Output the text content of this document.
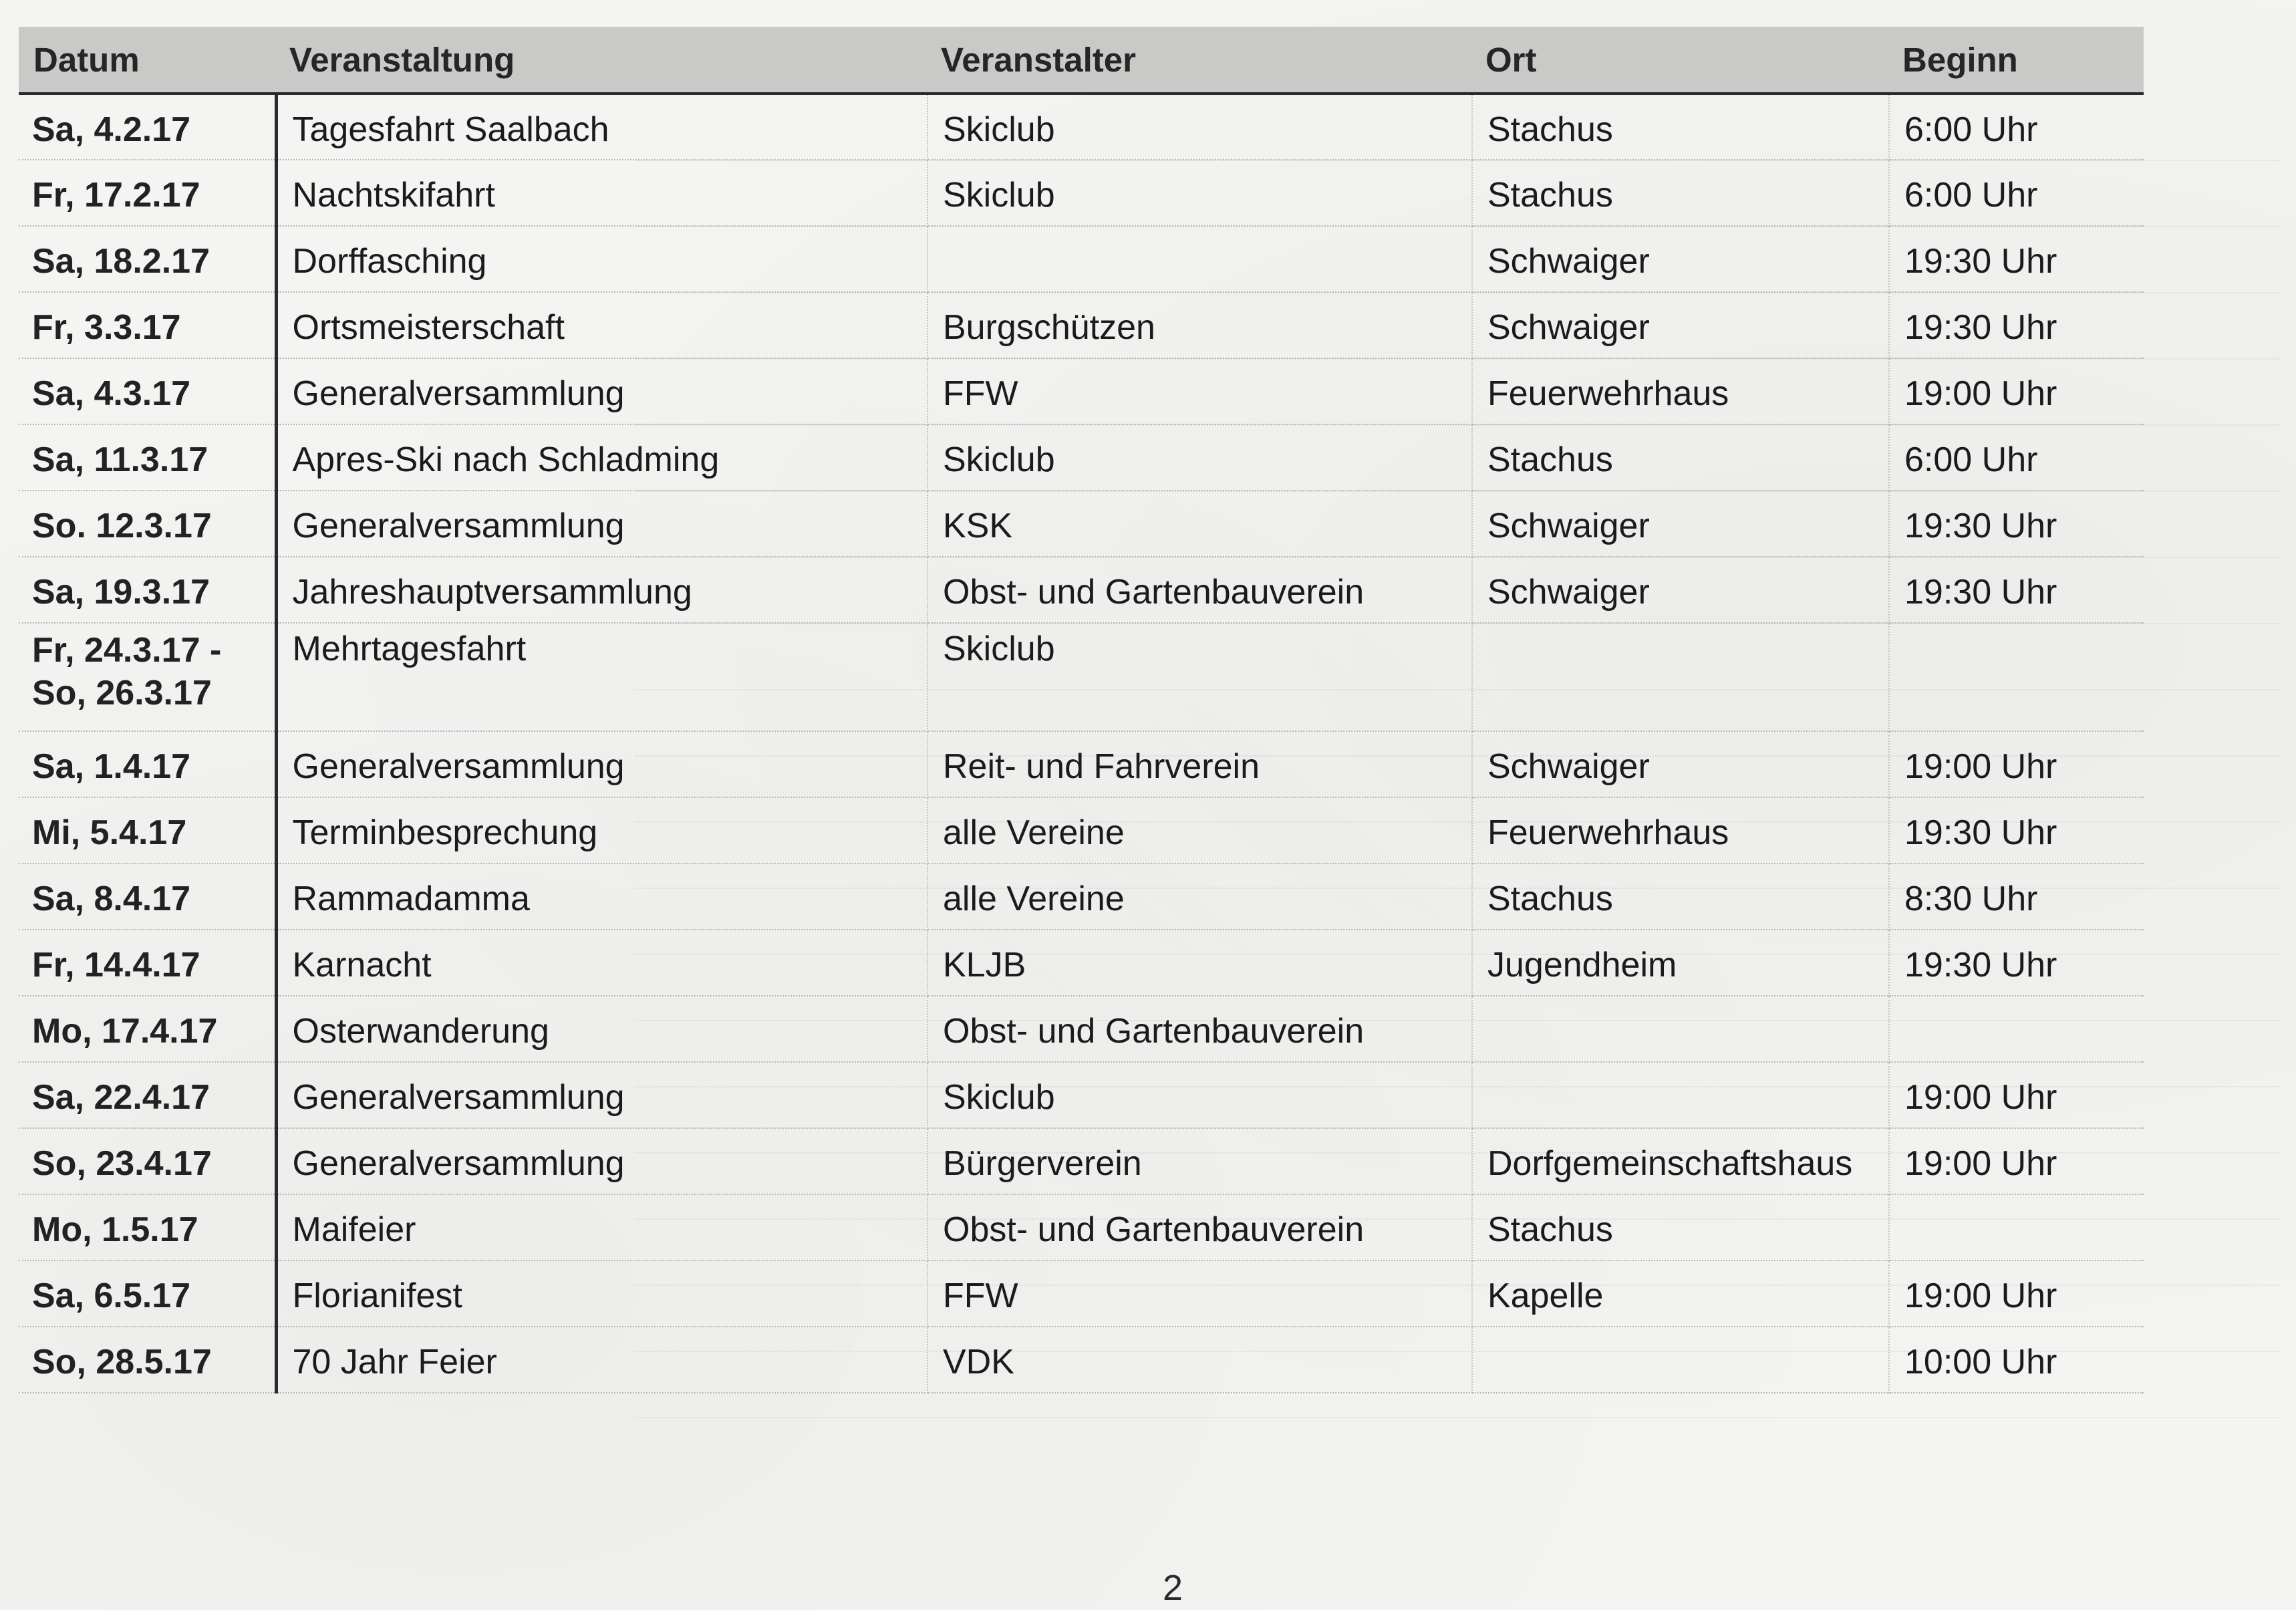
Datum	Veranstaltung	Veranstalter	Ort	Beginn
Sa, 4.2.17	Tagesfahrt Saalbach	Skiclub	Stachus	6:00 Uhr
Fr, 17.2.17	Nachtskifahrt	Skiclub	Stachus	6:00 Uhr
Sa, 18.2.17	Dorffasching		Schwaiger	19:30 Uhr
Fr, 3.3.17	Ortsmeisterschaft	Burgschützen	Schwaiger	19:30 Uhr
Sa, 4.3.17	Generalversammlung	FFW	Feuerwehrhaus	19:00 Uhr
Sa, 11.3.17	Apres-Ski nach Schladming	Skiclub	Stachus	6:00 Uhr
So. 12.3.17	Generalversammlung	KSK	Schwaiger	19:30 Uhr
Sa, 19.3.17	Jahreshauptversammlung	Obst- und Gartenbauverein	Schwaiger	19:30 Uhr
Fr, 24.3.17 - So, 26.3.17	Mehrtagesfahrt	Skiclub		
Sa, 1.4.17	Generalversammlung	Reit- und Fahrverein	Schwaiger	19:00 Uhr
Mi, 5.4.17	Terminbesprechung	alle Vereine	Feuerwehrhaus	19:30 Uhr
Sa, 8.4.17	Rammadamma	alle Vereine	Stachus	8:30 Uhr
Fr, 14.4.17	Karnacht	KLJB	Jugendheim	19:30 Uhr
Mo, 17.4.17	Osterwanderung	Obst- und Gartenbauverein		
Sa, 22.4.17	Generalversammlung	Skiclub		19:00 Uhr
So, 23.4.17	Generalversammlung	Bürgerverein	Dorfgemeinschaftshaus	19:00 Uhr
Mo, 1.5.17	Maifeier	Obst- und Gartenbauverein	Stachus	
Sa, 6.5.17	Florianifest	FFW	Kapelle	19:00 Uhr
So, 28.5.17	70 Jahr Feier	VDK		10:00 Uhr
2
